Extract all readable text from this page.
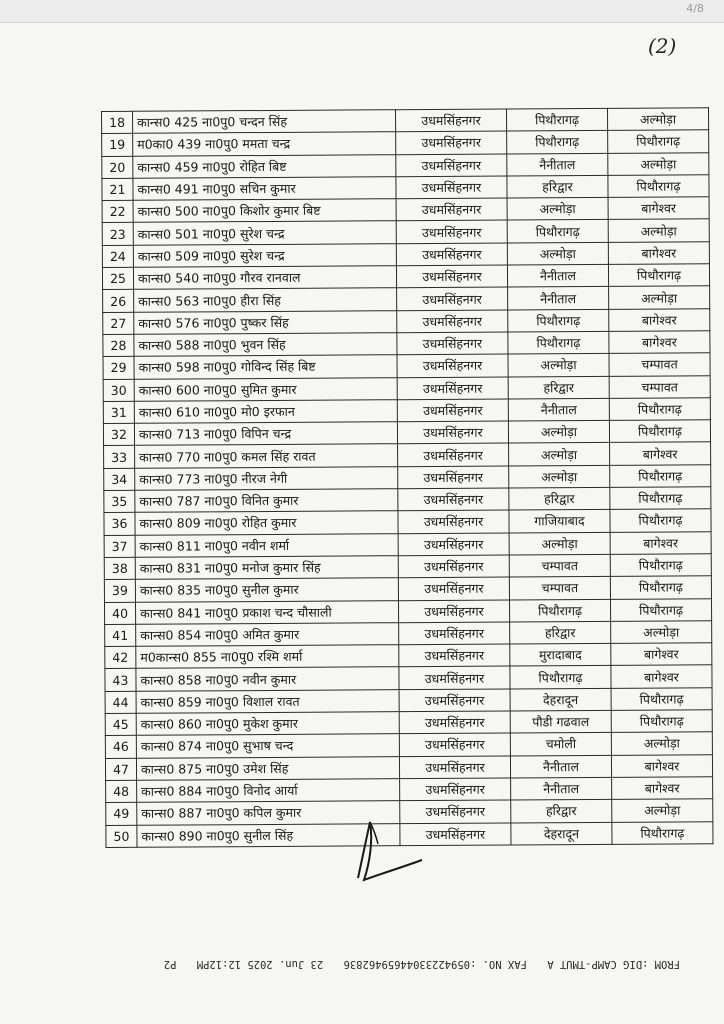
4/8
(2)
18	कान्स0 425 ना0पु0 चन्दन सिंह	उधमसिंहनगर	पिथौरागढ़	अल्मोड़ा
19	म0का0 439 ना0पु0 ममता चन्द्र	उधमसिंहनगर	पिथौरागढ़	पिथौरागढ़
20	कान्स0 459 ना0पु0 रोहित बिष्ट	उधमसिंहनगर	नैनीताल	अल्मोड़ा
21	कान्स0 491 ना0पु0 सचिन कुमार	उधमसिंहनगर	हरिद्वार	पिथौरागढ़
22	कान्स0 500 ना0पु0 किशोर कुमार बिष्ट	उधमसिंहनगर	अल्मोड़ा	बागेश्वर
23	कान्स0 501 ना0पु0 सुरेश चन्द्र	उधमसिंहनगर	पिथौरागढ़	अल्मोड़ा
24	कान्स0 509 ना0पु0 सुरेश चन्द्र	उधमसिंहनगर	अल्मोड़ा	बागेश्वर
25	कान्स0 540 ना0पु0 गौरव रानवाल	उधमसिंहनगर	नैनीताल	पिथौरागढ़
26	कान्स0 563 ना0पु0 हीरा सिंह	उधमसिंहनगर	नैनीताल	अल्मोड़ा
27	कान्स0 576 ना0पु0 पुष्कर सिंह	उधमसिंहनगर	पिथौरागढ़	बागेश्वर
28	कान्स0 588 ना0पु0 भुवन सिंह	उधमसिंहनगर	पिथौरागढ़	बागेश्वर
29	कान्स0 598 ना0पु0 गोविन्द सिंह बिष्ट	उधमसिंहनगर	अल्मोड़ा	चम्पावत
30	कान्स0 600 ना0पु0 सुमित कुमार	उधमसिंहनगर	हरिद्वार	चम्पावत
31	कान्स0 610 ना0पु0 मो0 इरफान	उधमसिंहनगर	नैनीताल	पिथौरागढ़
32	कान्स0 713 ना0पु0 विपिन चन्द्र	उधमसिंहनगर	अल्मोड़ा	पिथौरागढ़
33	कान्स0 770 ना0पु0 कमल सिंह रावत	उधमसिंहनगर	अल्मोड़ा	बागेश्वर
34	कान्स0 773 ना0पु0 नीरज नेगी	उधमसिंहनगर	अल्मोड़ा	पिथौरागढ़
35	कान्स0 787 ना0पु0 विनित कुमार	उधमसिंहनगर	हरिद्वार	पिथौरागढ़
36	कान्स0 809 ना0पु0 रोहित कुमार	उधमसिंहनगर	गाजियाबाद	पिथौरागढ़
37	कान्स0 811 ना0पु0 नवीन शर्मा	उधमसिंहनगर	अल्मोड़ा	बागेश्वर
38	कान्स0 831 ना0पु0 मनोज कुमार सिंह	उधमसिंहनगर	चम्पावत	पिथौरागढ़
39	कान्स0 835 ना0पु0 सुनील कुमार	उधमसिंहनगर	चम्पावत	पिथौरागढ़
40	कान्स0 841 ना0पु0 प्रकाश चन्द चौसाली	उधमसिंहनगर	पिथौरागढ़	पिथौरागढ़
41	कान्स0 854 ना0पु0 अमित कुमार	उधमसिंहनगर	हरिद्वार	अल्मोड़ा
42	म0कान्स0 855 ना0पु0 रश्मि शर्मा	उधमसिंहनगर	मुरादाबाद	बागेश्वर
43	कान्स0 858 ना0पु0 नवीन कुमार	उधमसिंहनगर	पिथौरागढ़	बागेश्वर
44	कान्स0 859 ना0पु0 विशाल रावत	उधमसिंहनगर	देहरादून	पिथौरागढ़
45	कान्स0 860 ना0पु0 मुकेश कुमार	उधमसिंहनगर	पौडी गढवाल	पिथौरागढ़
46	कान्स0 874 ना0पु0 सुभाष चन्द	उधमसिंहनगर	चमोली	अल्मोड़ा
47	कान्स0 875 ना0पु0 उमेश सिंह	उधमसिंहनगर	नैनीताल	बागेश्वर
48	कान्स0 884 ना0पु0 विनोद आर्या	उधमसिंहनगर	नैनीताल	बागेश्वर
49	कान्स0 887 ना0पु0 कपिल कुमार	उधमसिंहनगर	हरिद्वार	अल्मोड़ा
50	कान्स0 890 ना0पु0 सुनील सिंह	उधमसिंहनगर	देहरादून	पिथौरागढ़
FROM :DIG CAMP-TMUT A FAX NO. :05942233044659462836 23 Jun. 2025 12:12PM P2
